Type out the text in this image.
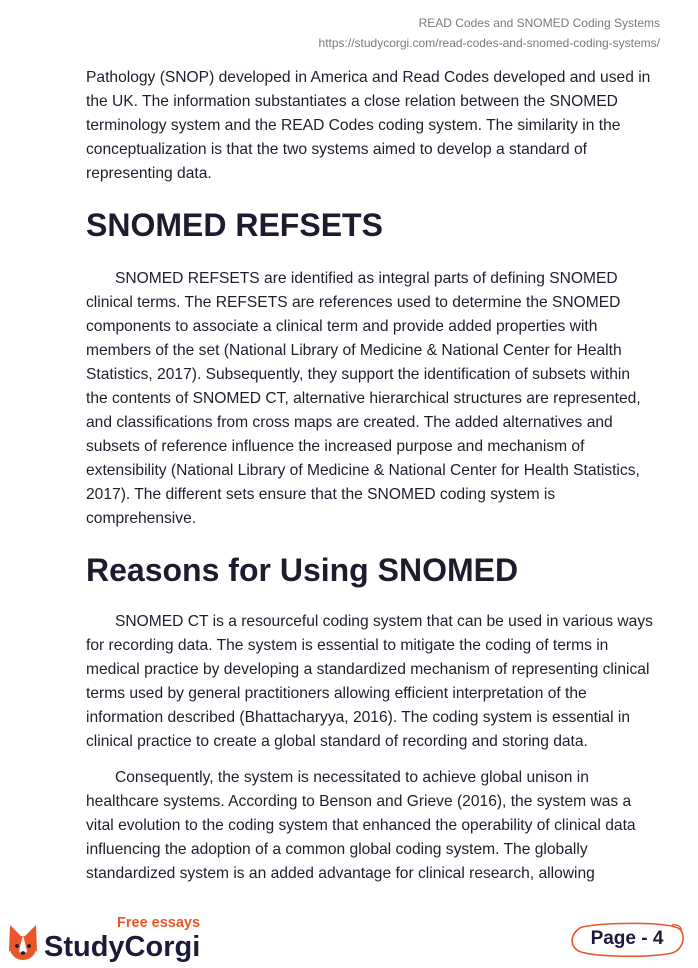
READ Codes and SNOMED Coding Systems
https://studycorgi.com/read-codes-and-snomed-coding-systems/

Pathology (SNOP) developed in America and Read Codes developed and used in the UK. The information substantiates a close relation between the SNOMED terminology system and the READ Codes coding system. The similarity in the conceptualization is that the two systems aimed to develop a standard of representing data.

SNOMED REFSETS

SNOMED REFSETS are identified as integral parts of defining SNOMED clinical terms. The REFSETS are references used to determine the SNOMED components to associate a clinical term and provide added properties with members of the set (National Library of Medicine & National Center for Health Statistics, 2017). Subsequently, they support the identification of subsets within the contents of SNOMED CT, alternative hierarchical structures are represented, and classifications from cross maps are created. The added alternatives and subsets of reference influence the increased purpose and mechanism of extensibility (National Library of Medicine & National Center for Health Statistics, 2017). The different sets ensure that the SNOMED coding system is comprehensive.

Reasons for Using SNOMED

SNOMED CT is a resourceful coding system that can be used in various ways for recording data. The system is essential to mitigate the coding of terms in medical practice by developing a standardized mechanism of representing clinical terms used by general practitioners allowing efficient interpretation of the information described (Bhattacharyya, 2016). The coding system is essential in clinical practice to create a global standard of recording and storing data.

Consequently, the system is necessitated to achieve global unison in healthcare systems. According to Benson and Grieve (2016), the system was a vital evolution to the coding system that enhanced the operability of clinical data influencing the adoption of a common global coding system. The globally standardized system is an added advantage for clinical research, allowing

Free essays
StudyCorgi	Page - 4
